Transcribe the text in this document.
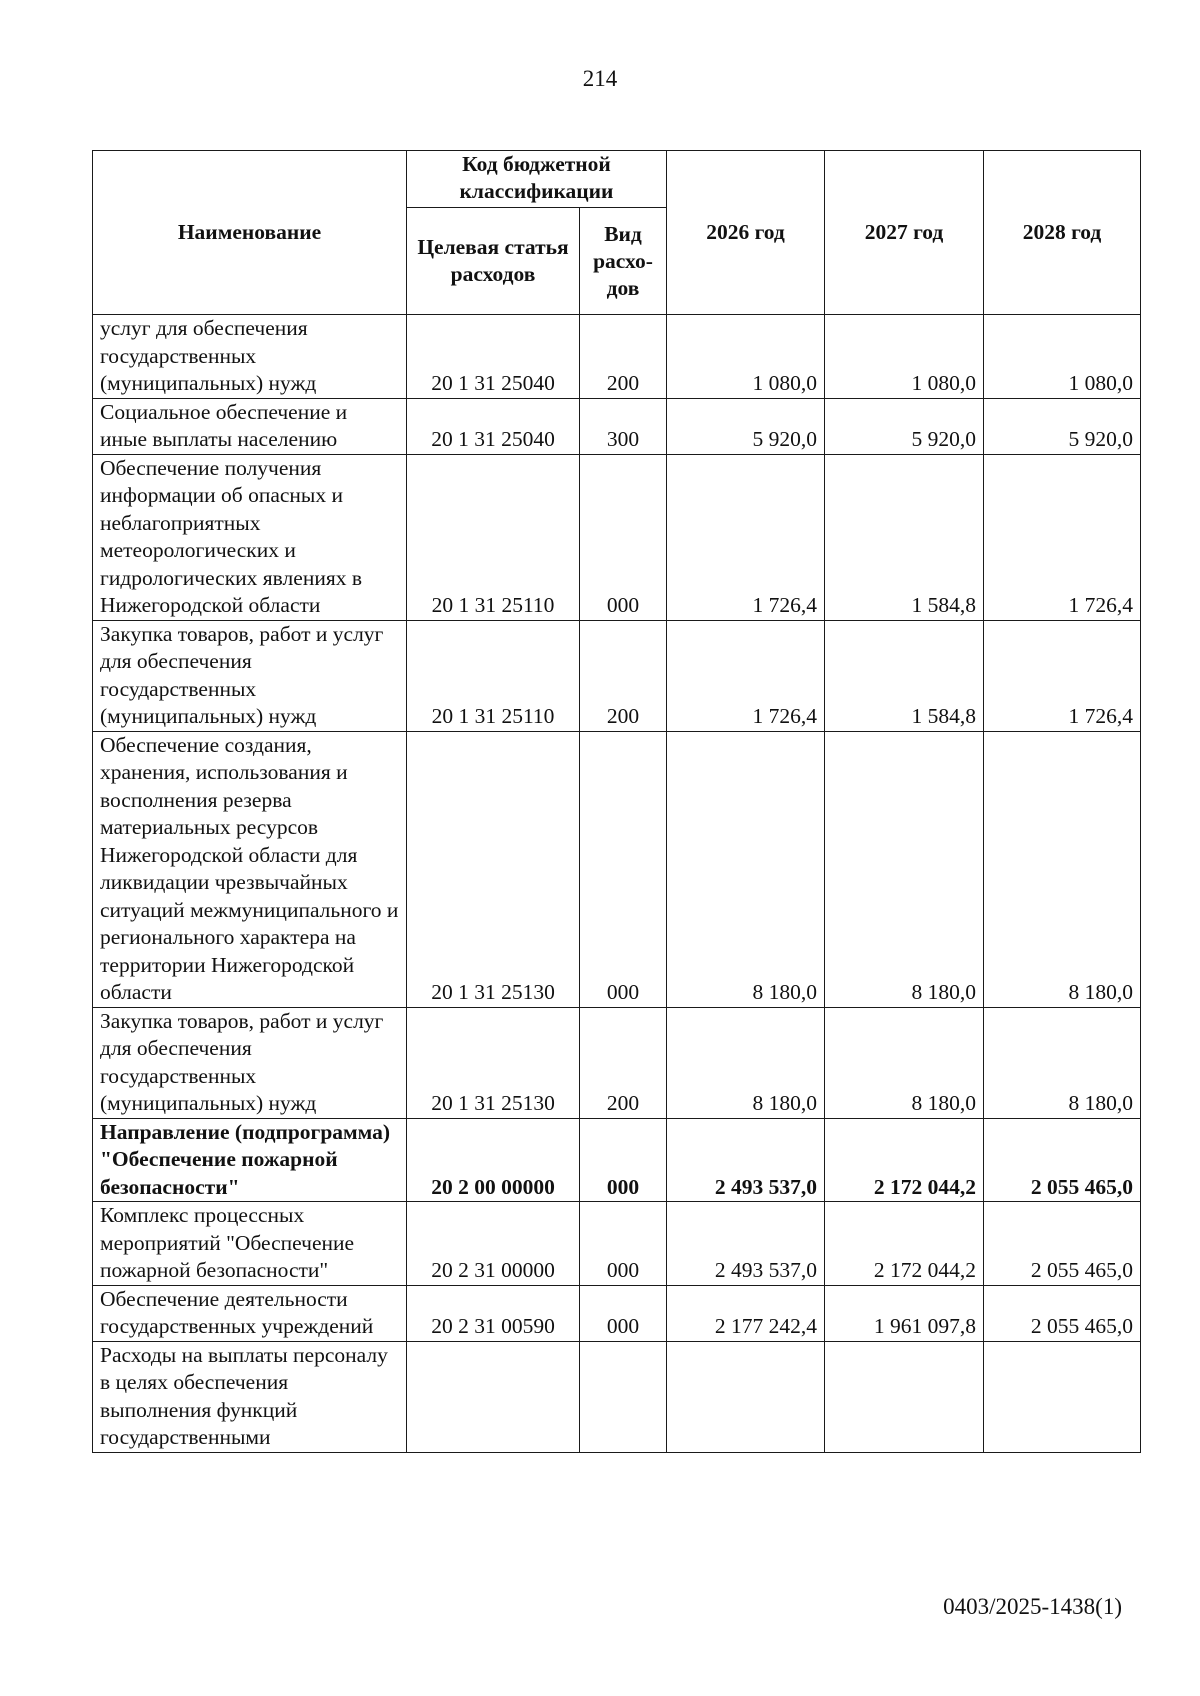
214
Наименование	Код бюджетной классификации		2026 год	2027 год	2028 год
	Целевая статья расходов	Вид расхо-дов			
услуг для обеспечения государственных (муниципальных) нужд	20 1 31 25040	200	1 080,0	1 080,0	1 080,0
Социальное обеспечение и иные выплаты населению	20 1 31 25040	300	5 920,0	5 920,0	5 920,0
Обеспечение получения информации об опасных и неблагоприятных метеорологических и гидрологических явлениях в Нижегородской области	20 1 31 25110	000	1 726,4	1 584,8	1 726,4
Закупка товаров, работ и услуг для обеспечения государственных (муниципальных) нужд	20 1 31 25110	200	1 726,4	1 584,8	1 726,4
Обеспечение создания, хранения, использования и восполнения резерва материальных ресурсов Нижегородской области для ликвидации чрезвычайных ситуаций межмуниципального и регионального характера на территории Нижегородской области	20 1 31 25130	000	8 180,0	8 180,0	8 180,0
Закупка товаров, работ и услуг для обеспечения государственных (муниципальных) нужд	20 1 31 25130	200	8 180,0	8 180,0	8 180,0
Направление (подпрограмма) "Обеспечение пожарной безопасности"	20 2 00 00000	000	2 493 537,0	2 172 044,2	2 055 465,0
Комплекс процессных мероприятий "Обеспечение пожарной безопасности"	20 2 31 00000	000	2 493 537,0	2 172 044,2	2 055 465,0
Обеспечение деятельности государственных учреждений	20 2 31 00590	000	2 177 242,4	1 961 097,8	2 055 465,0
Расходы на выплаты персоналу в целях обеспечения выполнения функций государственными					
0403/2025-1438(1)
